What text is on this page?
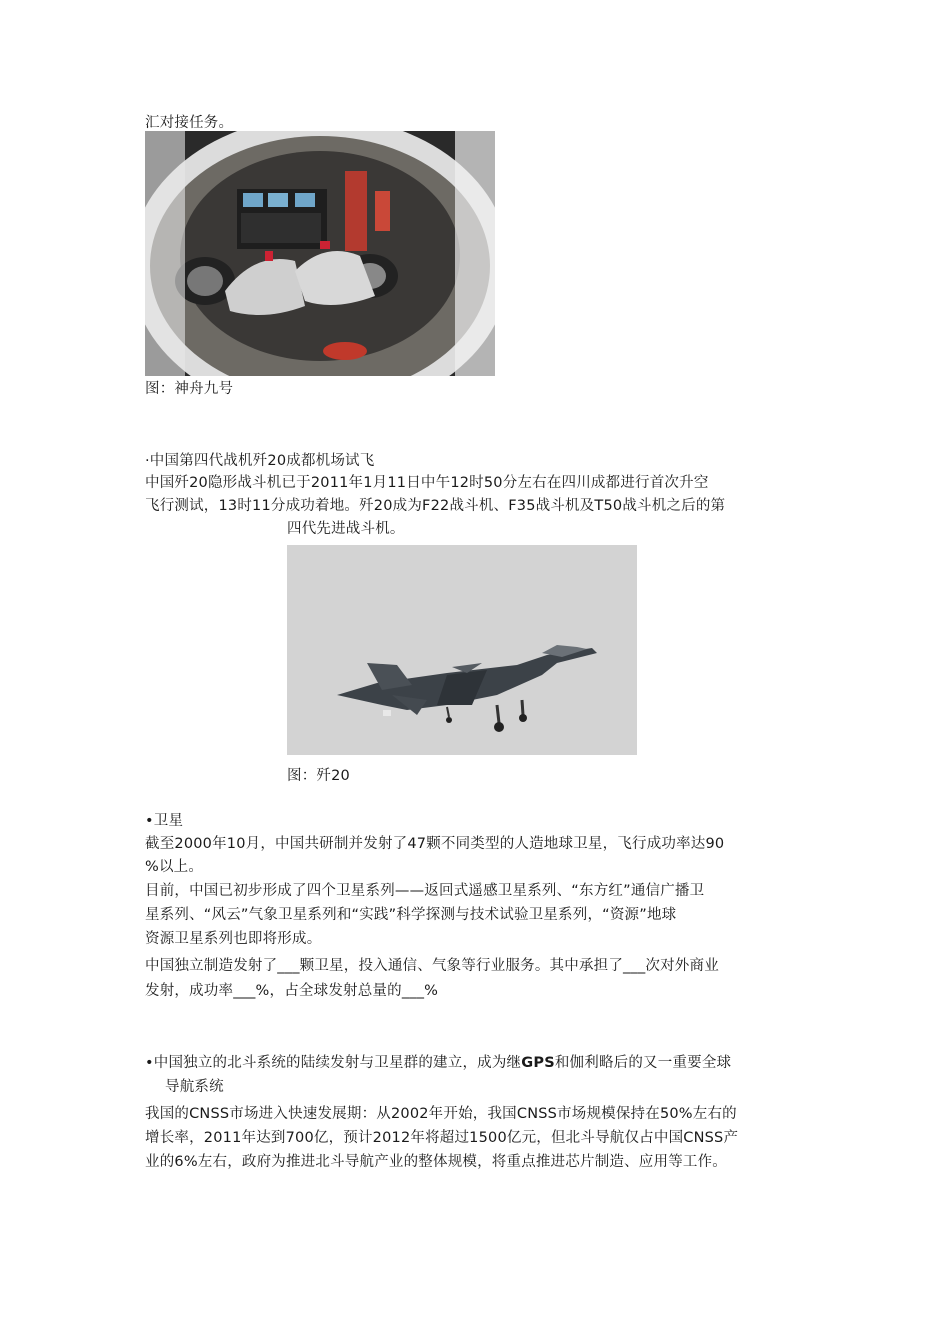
汇对接任务。
图：神舟九号
·中国第四代战机歼20成都机场试飞
中国歼20隐形战斗机已于2011年1月11日中午12时50分左右在四川成都进行首次升空
飞行测试，13时11分成功着地。歼20成为F22战斗机、F35战斗机及T50战斗机之后的第
四代先进战斗机。
图：歼20
•卫星
截至2000年10月，中国共研制并发射了47颗不同类型的人造地球卫星，飞行成功率达90
%以上。
目前，中国已初步形成了四个卫星系列——返回式遥感卫星系列、“东方红”通信广播卫
星系列、“风云”气象卫星系列和“实践”科学探测与技术试验卫星系列，“资源”地球
资源卫星系列也即将形成。
中国独立制造发射了___颗卫星，投入通信、气象等行业服务。其中承担了___次对外商业
发射，成功率___%，占全球发射总量的___%
•中国独立的北斗系统的陆续发射与卫星群的建立，成为继GPS和伽利略后的又一重要全球
导航系统
我国的CNSS市场进入快速发展期：从2002年开始，我国CNSS市场规模保持在50%左右的
增长率，2011年达到700亿，预计2012年将超过1500亿元，但北斗导航仅占中国CNSS产
业的6%左右，政府为推进北斗导航产业的整体规模，将重点推进芯片制造、应用等工作。
